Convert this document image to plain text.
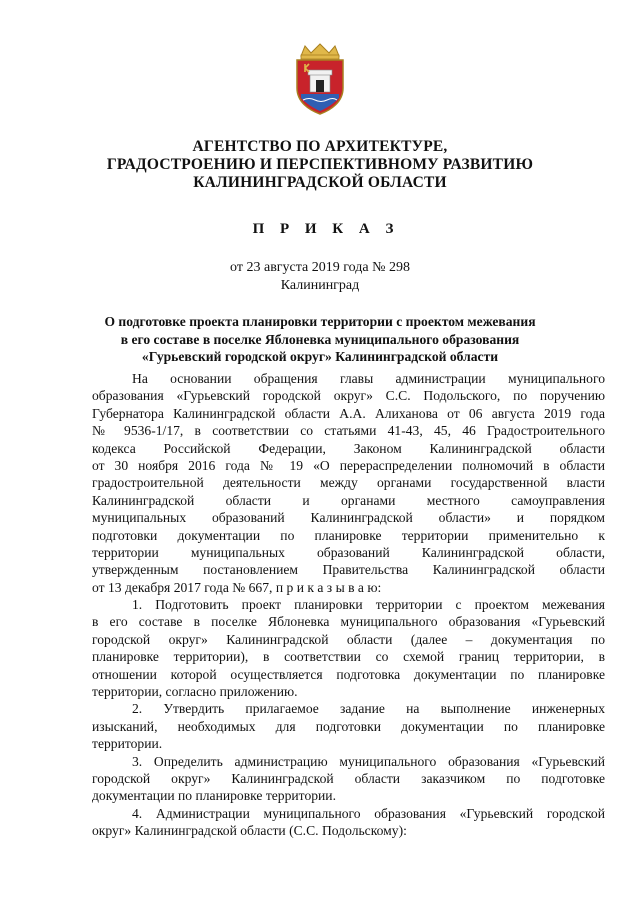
АГЕНТСТВО ПО АРХИТЕКТУРЕ,
ГРАДОСТРОЕНИЮ И ПЕРСПЕКТИВНОМУ РАЗВИТИЮ
КАЛИНИНГРАДСКОЙ ОБЛАСТИ
П Р И К А З
от 23 августа 2019 года № 298
Калининград
О подготовке проекта планировки территории с проектом межевания
в его составе в поселке Яблоневка муниципального образования
«Гурьевский городской округ» Калининградской области
На основании обращения главы администрации муниципального
образования «Гурьевский городской округ» С.С. Подольского, по поручению
Губернатора Калининградской области А.А. Алиханова от 06 августа 2019 года
№ 9536-1/17, в соответствии со статьями 41-43, 45, 46 Градостроительного
кодекса Российской Федерации, Законом Калининградской области
от 30 ноября 2016 года № 19 «О перераспределении полномочий в области
градостроительной деятельности между органами государственной власти
Калининградской области и органами местного самоуправления
муниципальных образований Калининградской области» и порядком
подготовки документации по планировке территории применительно к
территории муниципальных образований Калининградской области,
утвержденным постановлением Правительства Калининградской области
от 13 декабря 2017 года № 667, п р и к а з ы в а ю:
1. Подготовить проект планировки территории с проектом межевания
в его составе в поселке Яблоневка муниципального образования «Гурьевский
городской округ» Калининградской области (далее – документация по
планировке территории), в соответствии со схемой границ территории, в
отношении которой осуществляется подготовка документации по планировке
территории, согласно приложению.
2. Утвердить прилагаемое задание на выполнение инженерных
изысканий, необходимых для подготовки документации по планировке
территории.
3. Определить администрацию муниципального образования «Гурьевский
городской округ» Калининградской области заказчиком по подготовке
документации по планировке территории.
4. Администрации муниципального образования «Гурьевский городской
округ» Калининградской области (С.С. Подольскому):
